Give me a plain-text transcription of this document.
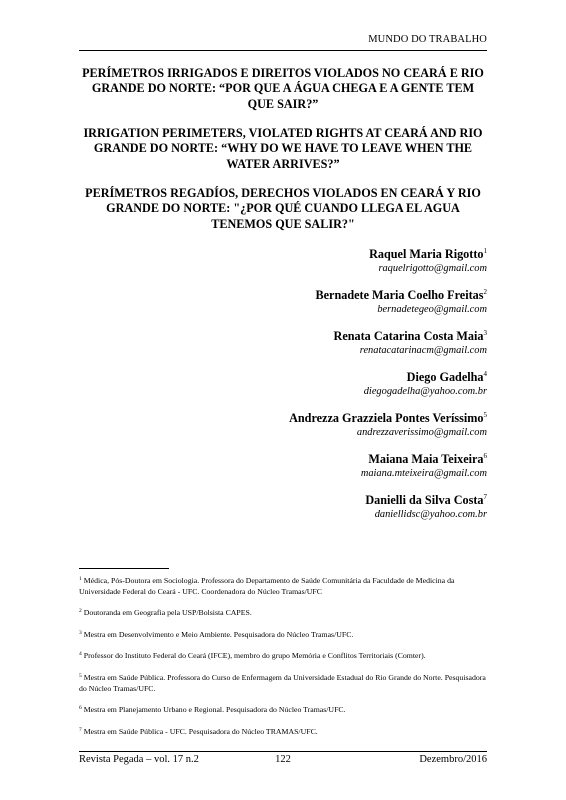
MUNDO DO TRABALHO
PERÍMETROS IRRIGADOS E DIREITOS VIOLADOS NO CEARÁ E RIO GRANDE DO NORTE: “POR QUE A ÁGUA CHEGA E A GENTE TEM QUE SAIR?”
IRRIGATION PERIMETERS, VIOLATED RIGHTS AT CEARÁ AND RIO GRANDE DO NORTE: “WHY DO WE HAVE TO LEAVE WHEN THE WATER ARRIVES?”
PERÍMETROS REGADÍOS, DERECHOS VIOLADOS EN CEARÁ Y RIO GRANDE DO NORTE: "¿POR QUÉ CUANDO LLEGA EL AGUA TENEMOS QUE SALIR?"
Raquel Maria Rigotto$^1$
raquelrigotto@gmail.com
Bernadete Maria Coelho Freitas$^2$
bernadetegeo@gmail.com
Renata Catarina Costa Maia$^3$
renatacatarinacm@gmail.com
Diego Gadelha$^4$
diegogadelha@yahoo.com.br
Andrezza Grazziela Pontes Veríssimo$^5$
andrezzaverissimo@gmail.com
Maiana Maia Teixeira$^6$
maiana.mteixeira@gmail.com
Danielli da Silva Costa$^7$
daniellidsc@yahoo.com.br
$^1$ Médica, Pós-Doutora em Sociologia. Professora do Departamento de Saúde Comunitária da Faculdade de Medicina da Universidade Federal do Ceará - UFC. Coordenadora do Núcleo Tramas/UFC
$^2$ Doutoranda em Geografia pela USP/Bolsista CAPES.
$^3$ Mestra em Desenvolvimento e Meio Ambiente. Pesquisadora do Núcleo Tramas/UFC.
$^4$ Professor do Instituto Federal do Ceará (IFCE), membro do grupo Memória e Conflitos Territoriais (Comter).
$^5$ Mestra em Saúde Pública. Professora do Curso de Enfermagem da Universidade Estadual do Rio Grande do Norte. Pesquisadora do Núcleo Tramas/UFC.
$^6$ Mestra em Planejamento Urbano e Regional. Pesquisadora do Núcleo Tramas/UFC.
$^7$ Mestra em Saúde Pública - UFC. Pesquisadora do Núcleo TRAMAS/UFC.
Revista Pegada – vol. 17 n.2	122	Dezembro/2016
